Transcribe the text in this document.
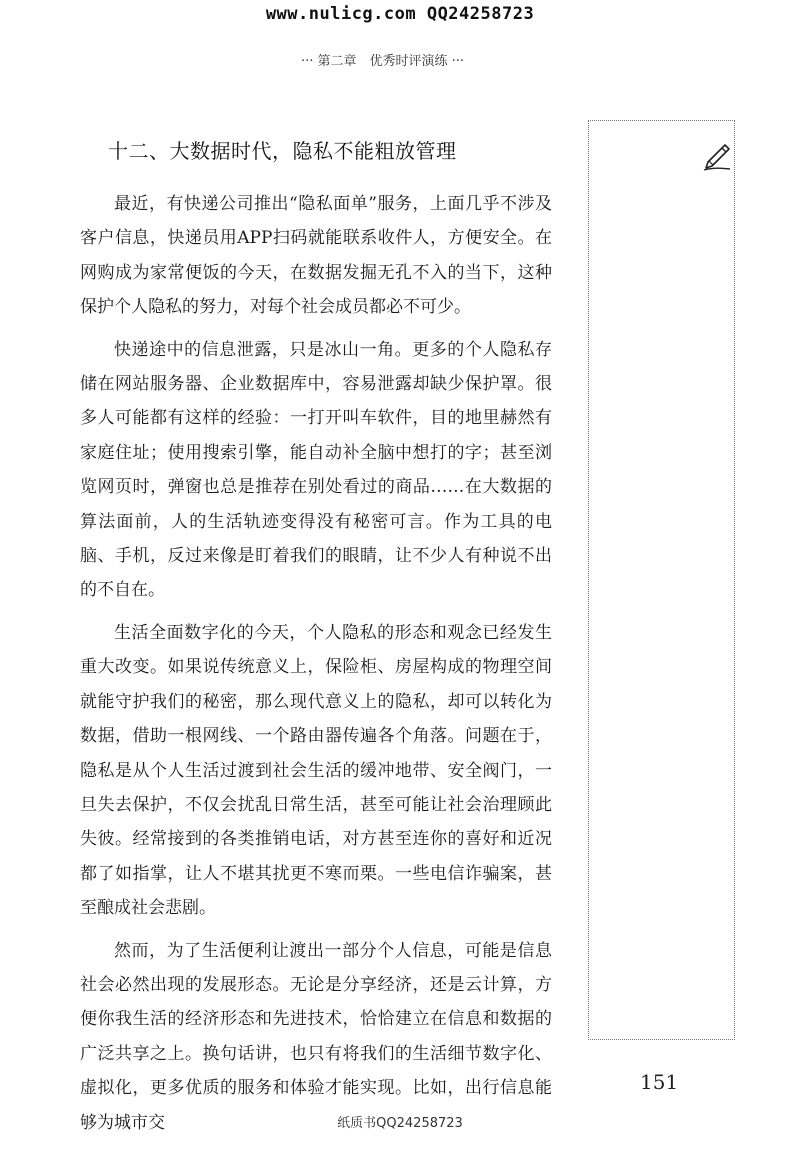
www.nulicg.com QQ24258723
··· 第二章　优秀时评演练 ···
十二、大数据时代，隐私不能粗放管理

最近，有快递公司推出“隐私面单”服务，上面几乎不涉及客户信息，快递员用APP扫码就能联系收件人，方便安全。在网购成为家常便饭的今天，在数据发掘无孔不入的当下，这种保护个人隐私的努力，对每个社会成员都必不可少。

快递途中的信息泄露，只是冰山一角。更多的个人隐私存储在网站服务器、企业数据库中，容易泄露却缺少保护罩。很多人可能都有这样的经验：一打开叫车软件，目的地里赫然有家庭住址；使用搜索引擎，能自动补全脑中想打的字；甚至浏览网页时，弹窗也总是推荐在别处看过的商品……在大数据的算法面前，人的生活轨迹变得没有秘密可言。作为工具的电脑、手机，反过来像是盯着我们的眼睛，让不少人有种说不出的不自在。

生活全面数字化的今天，个人隐私的形态和观念已经发生重大改变。如果说传统意义上，保险柜、房屋构成的物理空间就能守护我们的秘密，那么现代意义上的隐私，却可以转化为数据，借助一根网线、一个路由器传遍各个角落。问题在于，隐私是从个人生活过渡到社会生活的缓冲地带、安全阀门，一旦失去保护，不仅会扰乱日常生活，甚至可能让社会治理顾此失彼。经常接到的各类推销电话，对方甚至连你的喜好和近况都了如指掌，让人不堪其扰更不寒而栗。一些电信诈骗案，甚至酿成社会悲剧。

然而，为了生活便利让渡出一部分个人信息，可能是信息社会必然出现的发展形态。无论是分享经济，还是云计算，方便你我生活的经济形态和先进技术，恰恰建立在信息和数据的广泛共享之上。换句话讲，也只有将我们的生活细节数字化、虚拟化，更多优质的服务和体验才能实现。比如，出行信息能够为城市交

151
纸质书QQ24258723
